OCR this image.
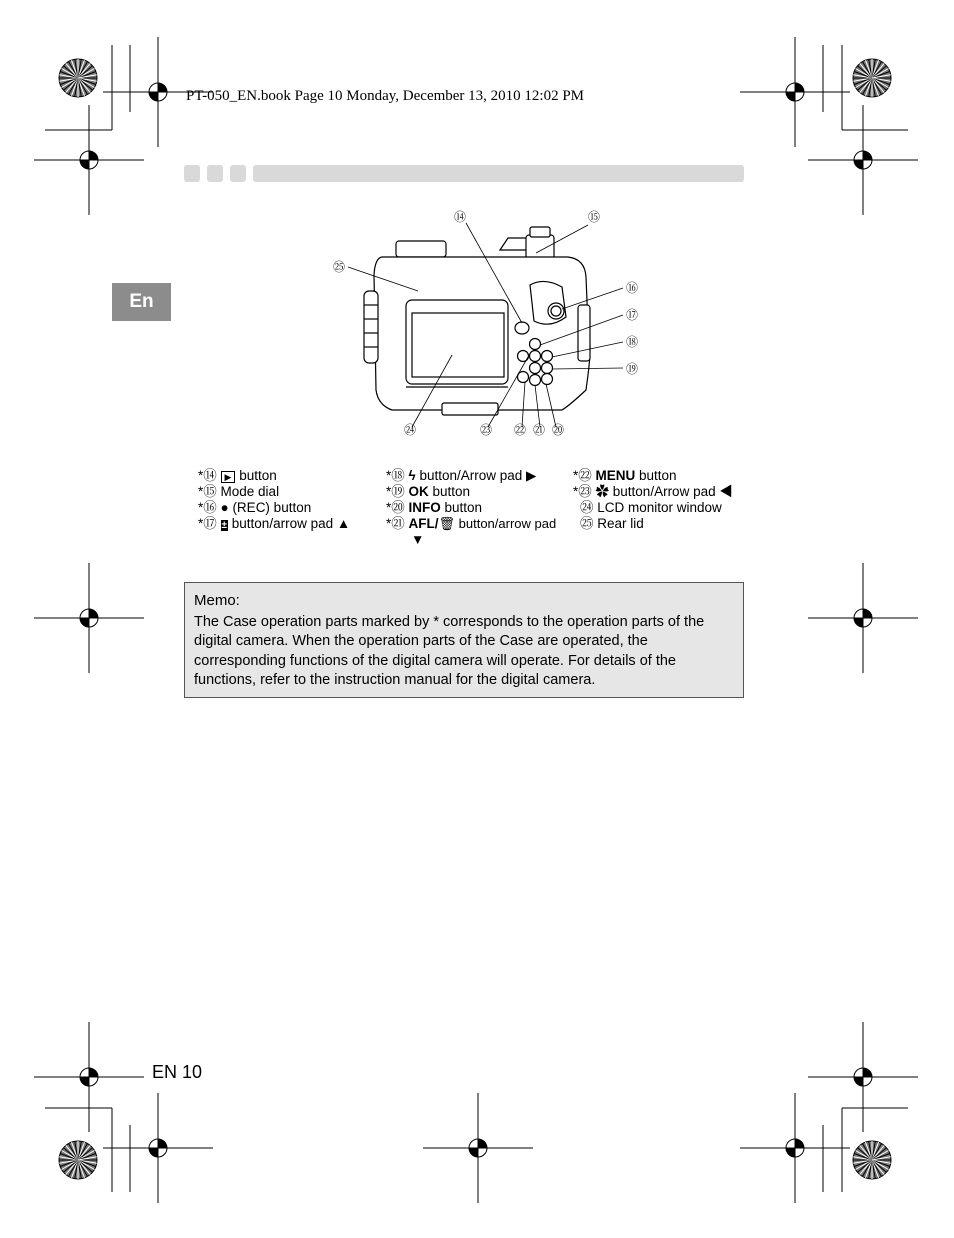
PT-050_EN.book Page 10 Monday, December 13, 2010 12:02 PM
En
⑭	⑮
⑯
⑰
⑱
⑲
㉕
㉔	㉓ ㉒ ㉑ ⑳
*⑭ ▶ button
*⑮ Mode dial
*⑯ ● (REC) button
*⑰ ± button/arrow pad ▲
*⑱ ϟ button/Arrow pad ▶
*⑲ OK button
*⑳ INFO button
*㉑ AFL/🗑 button/arrow pad
▼
*㉒ MENU button
*㉓ ✿ button/Arrow pad ◀
㉔ LCD monitor window
㉕ Rear lid
Memo:
The Case operation parts marked by * corresponds to the operation parts of the digital camera. When the operation parts of the Case are operated, the corresponding functions of the digital camera will operate. For details of the functions, refer to the instruction manual for the digital camera.
EN 10
